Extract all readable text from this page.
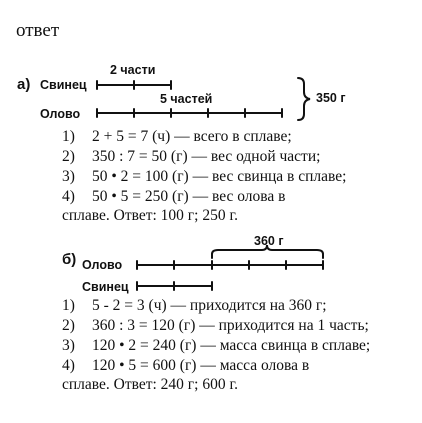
ответ
а) Свинец
2 части
Олово
5 частей	350 г
1) 2 + 5 = 7 (ч) — всего в сплаве;
2) 350 : 7 = 50 (г) — вес одной части;
3) 50 • 2 = 100 (г) — вес свинца в сплаве;
4) 50 • 5 = 250 (г) — вес олова в
сплаве. Ответ: 100 г; 250 г.
б) Олово
360 г
Свинец
1) 5 - 2 = 3 (ч) — приходится на 360 г;
2) 360 : 3 = 120 (г) — приходится на 1 часть;
3) 120 • 2 = 240 (г) — масса свинца в сплаве;
4) 120 • 5 = 600 (г) — масса олова в
сплаве. Ответ: 240 г; 600 г.
